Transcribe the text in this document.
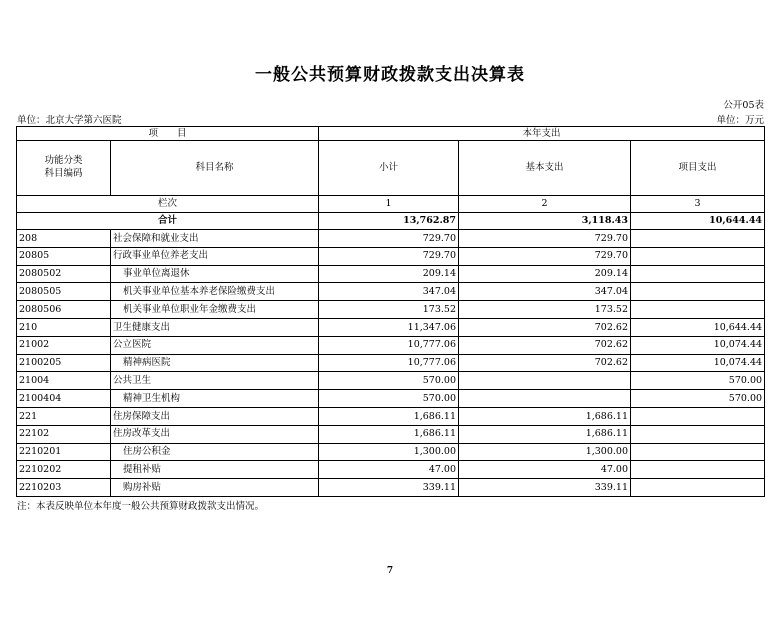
一般公共预算财政拨款支出决算表
公开05表
单位：北京大学第六医院	单位：万元
项　　目		本年支出		

功能分类
科目编码	科目名称	小计	基本支出	项目支出
栏次		1	2	3
合计		13,762.87	3,118.43	10,644.44
208	社会保障和就业支出	729.70	729.70	
20805	行政事业单位养老支出	729.70	729.70	
2080502	事业单位离退休	209.14	209.14	
2080505	机关事业单位基本养老保险缴费支出	347.04	347.04	
2080506	机关事业单位职业年金缴费支出	173.52	173.52	
210	卫生健康支出	11,347.06	702.62	10,644.44
21002	公立医院	10,777.06	702.62	10,074.44
2100205	精神病医院	10,777.06	702.62	10,074.44
21004	公共卫生	570.00		570.00
2100404	精神卫生机构	570.00		570.00
221	住房保障支出	1,686.11	1,686.11	
22102	住房改革支出	1,686.11	1,686.11	
2210201	住房公积金	1,300.00	1,300.00	
2210202	提租补贴	47.00	47.00	
2210203	购房补贴	339.11	339.11	
注：本表反映单位本年度一般公共预算财政拨款支出情况。
7
